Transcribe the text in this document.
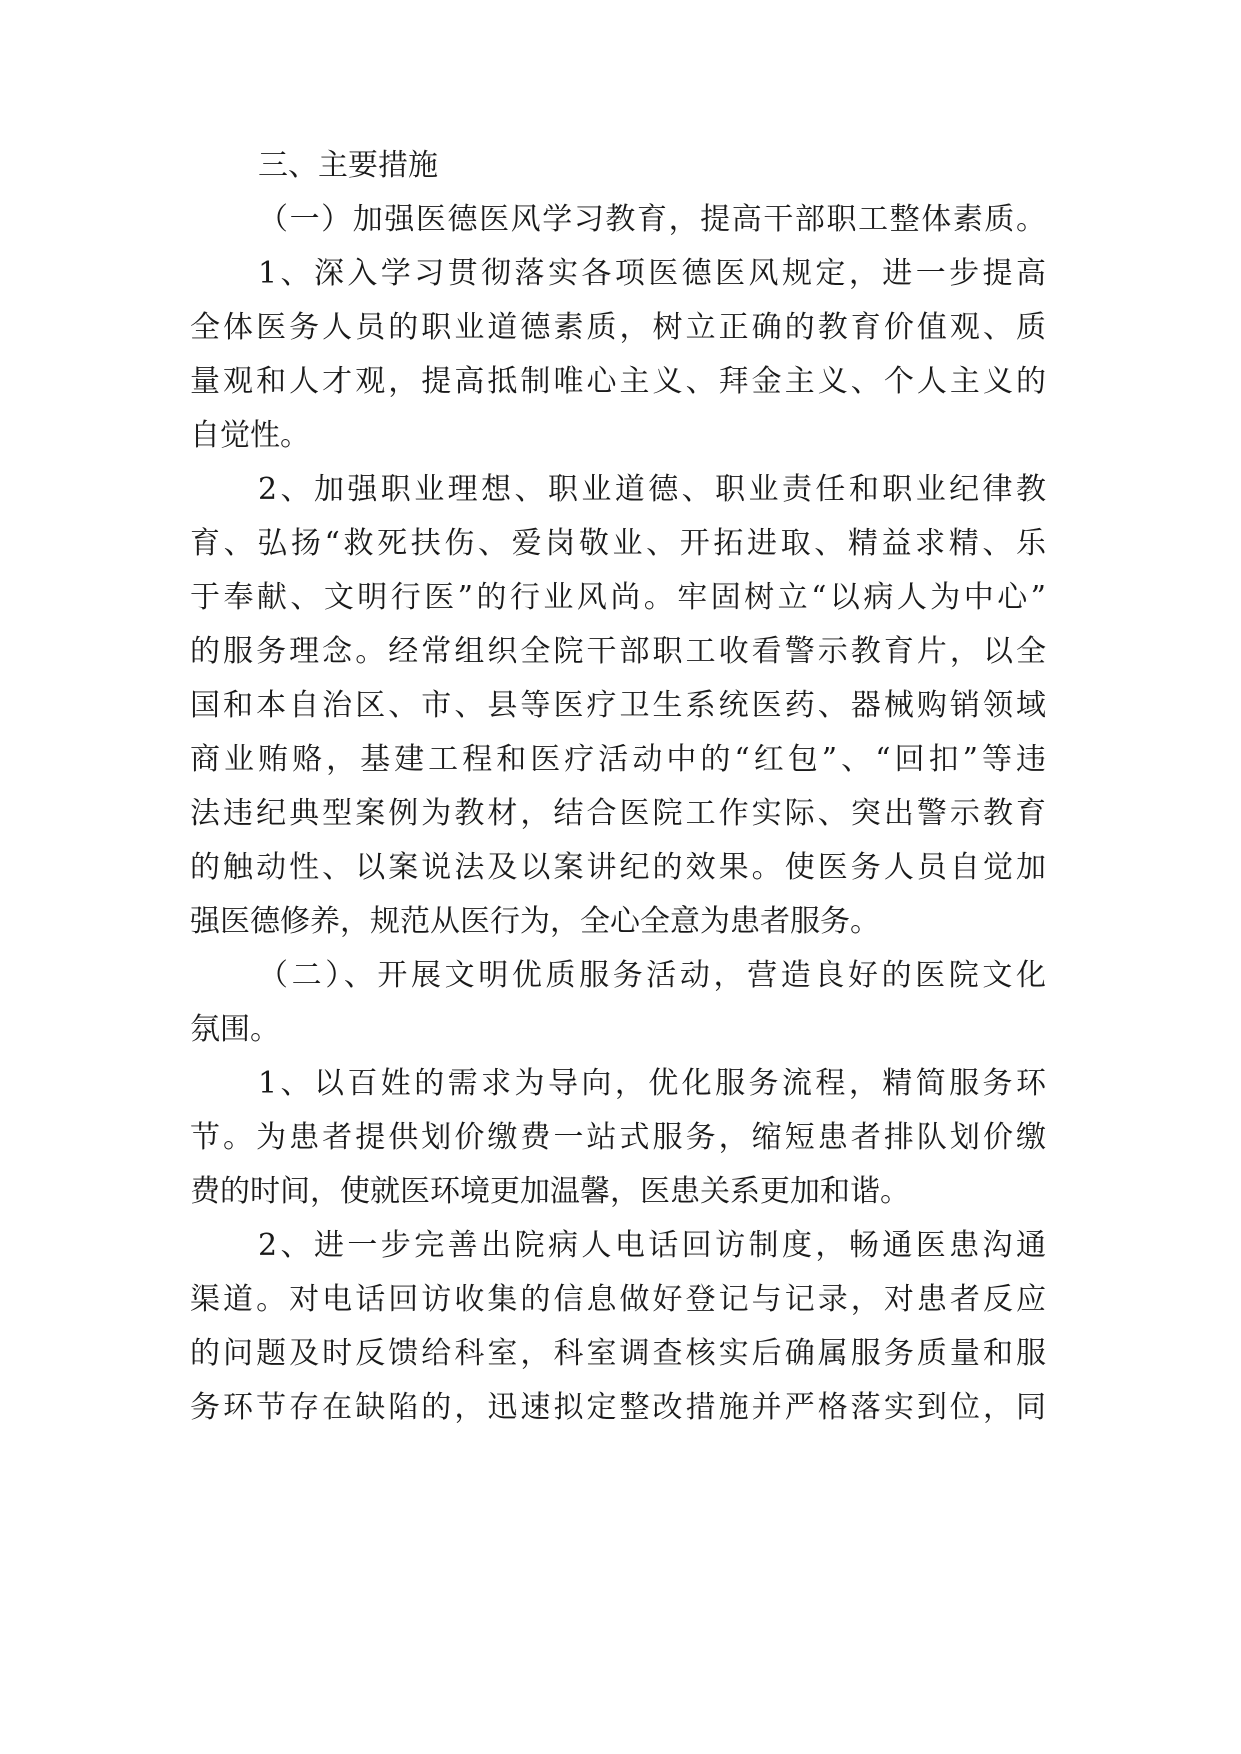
三、主要措施
（一）加强医德医风学习教育，提高干部职工整体素质。
1、深入学习贯彻落实各项医德医风规定，进一步提高
全体医务人员的职业道德素质，树立正确的教育价值观、质
量观和人才观，提高抵制唯心主义、拜金主义、个人主义的
自觉性。
2、加强职业理想、职业道德、职业责任和职业纪律教
育、弘扬“救死扶伤、爱岗敬业、开拓进取、精益求精、乐
于奉献、文明行医”的行业风尚。牢固树立“以病人为中心”
的服务理念。经常组织全院干部职工收看警示教育片，以全
国和本自治区、市、县等医疗卫生系统医药、器械购销领域
商业贿赂，基建工程和医疗活动中的“红包”、“回扣”等违
法违纪典型案例为教材，结合医院工作实际、突出警示教育
的触动性、以案说法及以案讲纪的效果。使医务人员自觉加
强医德修养，规范从医行为，全心全意为患者服务。
（二）、开展文明优质服务活动，营造良好的医院文化
氛围。
1、以百姓的需求为导向，优化服务流程，精简服务环
节。为患者提供划价缴费一站式服务，缩短患者排队划价缴
费的时间，使就医环境更加温馨，医患关系更加和谐。
2、进一步完善出院病人电话回访制度，畅通医患沟通
渠道。对电话回访收集的信息做好登记与记录，对患者反应
的问题及时反馈给科室，科室调查核实后确属服务质量和服
务环节存在缺陷的，迅速拟定整改措施并严格落实到位，同
